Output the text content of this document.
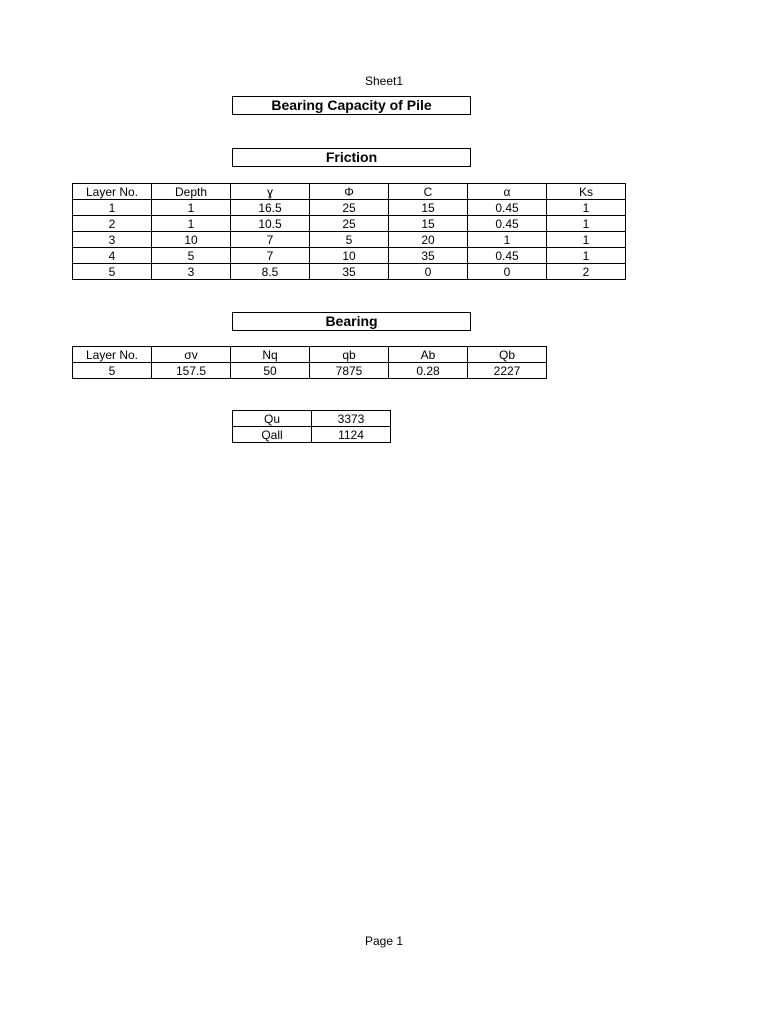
Sheet1
Bearing Capacity of Pile
Friction
Layer No.	Depth	ɣ	Φ	C	α	Ks
1	1	16.5	25	15	0.45	1
2	1	10.5	25	15	0.45	1
3	10	7	5	20	1	1
4	5	7	10	35	0.45	1
5	3	8.5	35	0	0	2
Bearing
Layer No.	σv	Nq	qb	Ab	Qb
5	157.5	50	7875	0.28	2227
Qu	3373
Qall	1124
Page 1
